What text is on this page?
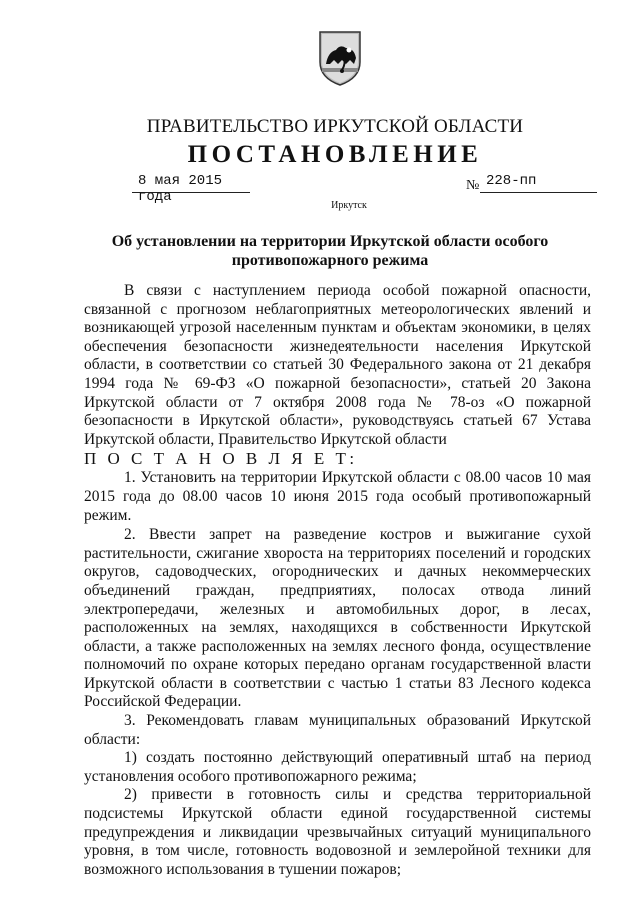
ПРАВИТЕЛЬСТВО ИРКУТСКОЙ ОБЛАСТИ
ПОСТАНОВЛЕНИЕ
8 мая 2015 года
№ 228-пп
Иркутск
Об установлении на территории Иркутской области особого противопожарного режима

В связи с наступлением периода особой пожарной опасности, связанной с прогнозом неблагоприятных метеорологических явлений и возникающей угрозой населенным пунктам и объектам экономики, в целях обеспечения безопасности жизнедеятельности населения Иркутской области, в соответствии со статьей 30 Федерального закона от 21 декабря 1994 года № 69-ФЗ «О пожарной безопасности», статьей 20 Закона Иркутской области от 7 октября 2008 года № 78-оз «О пожарной безопасности в Иркутской области», руководствуясь статьей 67 Устава Иркутской области, Правительство Иркутской области

П О С Т А Н О В Л Я Е Т:

1. Установить на территории Иркутской области с 08.00 часов 10 мая 2015 года до 08.00 часов 10 июня 2015 года особый противопожарный режим.

2. Ввести запрет на разведение костров и выжигание сухой растительности, сжигание хвороста на территориях поселений и городских округов, садоводческих, огороднических и дачных некоммерческих объединений граждан, предприятиях, полосах отвода линий электропередачи, железных и автомобильных дорог, в лесах, расположенных на землях, находящихся в собственности Иркутской области, а также расположенных на землях лесного фонда, осуществление полномочий по охране которых передано органам государственной власти Иркутской области в соответствии с частью 1 статьи 83 Лесного кодекса Российской Федерации.

3. Рекомендовать главам муниципальных образований Иркутской области:

1) создать постоянно действующий оперативный штаб на период установления особого противопожарного режима;

2) привести в готовность силы и средства территориальной подсистемы Иркутской области единой государственной системы предупреждения и ликвидации чрезвычайных ситуаций муниципального уровня, в том числе, готовность водовозной и землеройной техники для возможного использования в тушении пожаров;
